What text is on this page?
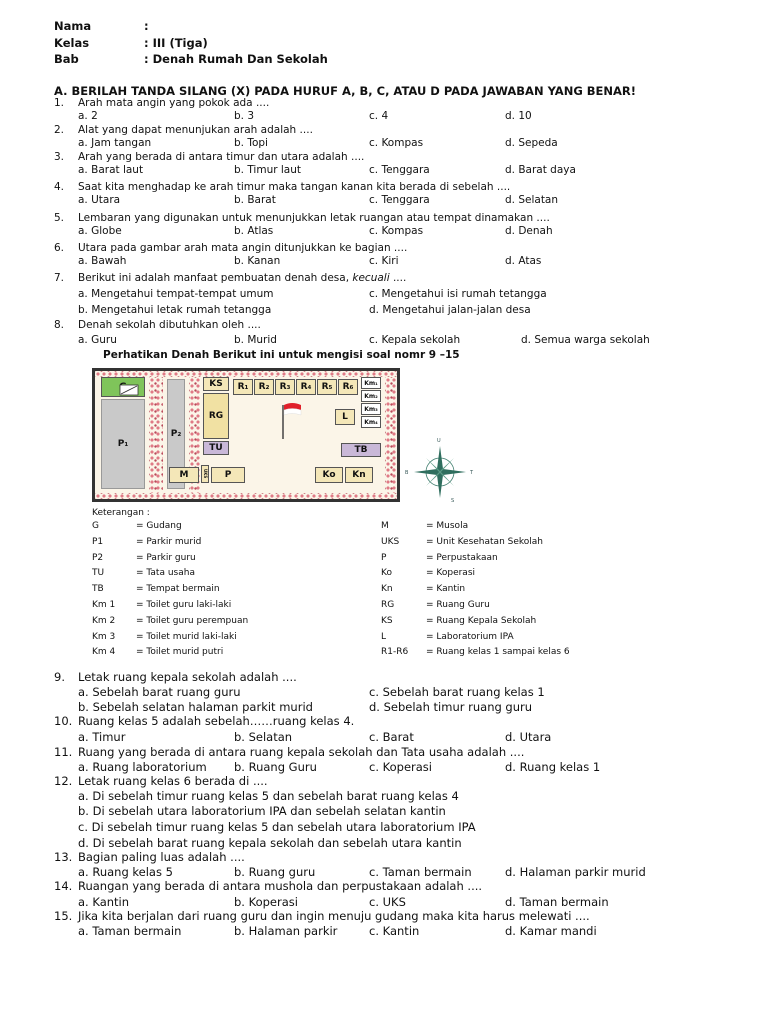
Nama	:
Kelas	: III (Tiga)
Bab	: Denah Rumah Dan Sekolah
A. BERILAH TANDA SILANG (X) PADA HURUF A, B, C, ATAU D PADA JAWABAN YANG BENAR!
1. Arah mata angin yang pokok ada ....
a. 2	b. 3	c. 4	d. 10
2. Alat yang dapat menunjukan arah adalah ....
a. Jam tangan	b. Topi	c. Kompas	d. Sepeda
3. Arah yang berada di antara timur dan utara adalah ....
a. Barat laut	b. Timur laut	c. Tenggara	d. Barat daya
4. Saat kita menghadap ke arah timur maka tangan kanan kita berada di sebelah ....
a. Utara	b. Barat	c. Tenggara	d. Selatan
5. Lembaran yang digunakan untuk menunjukkan letak ruangan atau tempat dinamakan ....
a. Globe	b. Atlas	c. Kompas	d. Denah
6. Utara pada gambar arah mata angin ditunjukkan ke bagian ....
a. Bawah	b. Kanan	c. Kiri	d. Atas
7. Berikut ini adalah manfaat pembuatan denah desa, kecuali ....
a. Mengetahui tempat-tempat umum	c. Mengetahui isi rumah tetangga
b. Mengetahui letak rumah tetangga	d. Mengetahui jalan-jalan desa
8. Denah sekolah dibutuhkan oleh ....
a. Guru	b. Murid	c. Kepala sekolah	d. Semua warga sekolah
Perhatikan Denah Berikut ini untuk mengisi soal nomr 9 –15
P₁
P₂
KS
RG
TU
R₁ R₂ R₃ R₄ R₅ R₆ Km₁
Km₂
Km₃
Km₄
L
TB
M	UKS P	Ko Kn
U
S
B	T
Keterangan :
G	= Gudang
P1	= Parkir murid
P2	= Parkir guru
TU	= Tata usaha
TB	= Tempat bermain
Km 1 = Toilet guru laki-laki
Km 2 = Toilet guru perempuan
Km 3 = Toilet murid laki-laki
Km 4 = Toilet murid putri
M	= Musola
UKS	= Unit Kesehatan Sekolah
P	= Perpustakaan
Ko	= Koperasi
Kn	= Kantin
RG	= Ruang Guru
KS	= Ruang Kepala Sekolah
L	= Laboratorium IPA
R1-R6 = Ruang kelas 1 sampai kelas 6
9. Letak ruang kepala sekolah adalah ....
a. Sebelah barat ruang guru	c. Sebelah barat ruang kelas 1
b. Sebelah selatan halaman parkit murid	d. Sebelah timur ruang guru
10. Ruang kelas 5 adalah sebelah……ruang kelas 4.
a. Timur	b. Selatan	c. Barat	d. Utara
11. Ruang yang berada di antara ruang kepala sekolah dan Tata usaha adalah ....
a. Ruang laboratorium b. Ruang Guru	c. Koperasi	d. Ruang kelas 1
12. Letak ruang kelas 6 berada di ....
a. Di sebelah timur ruang kelas 5 dan sebelah barat ruang kelas 4
b. Di sebelah utara laboratorium IPA dan sebelah selatan kantin
c. Di sebelah timur ruang kelas 5 dan sebelah utara laboratorium IPA
d. Di sebelah barat ruang kepala sekolah dan sebelah utara kantin
13. Bagian paling luas adalah ....
a. Ruang kelas 5	b. Ruang guru	c. Taman bermain	d. Halaman parkir murid
14. Ruangan yang berada di antara mushola dan perpustakaan adalah ....
a. Kantin	b. Koperasi	c. UKS	d. Taman bermain
15. Jika kita berjalan dari ruang guru dan ingin menuju gudang maka kita harus melewati ....
a. Taman bermain	b. Halaman parkir	c. Kantin	d. Kamar mandi
